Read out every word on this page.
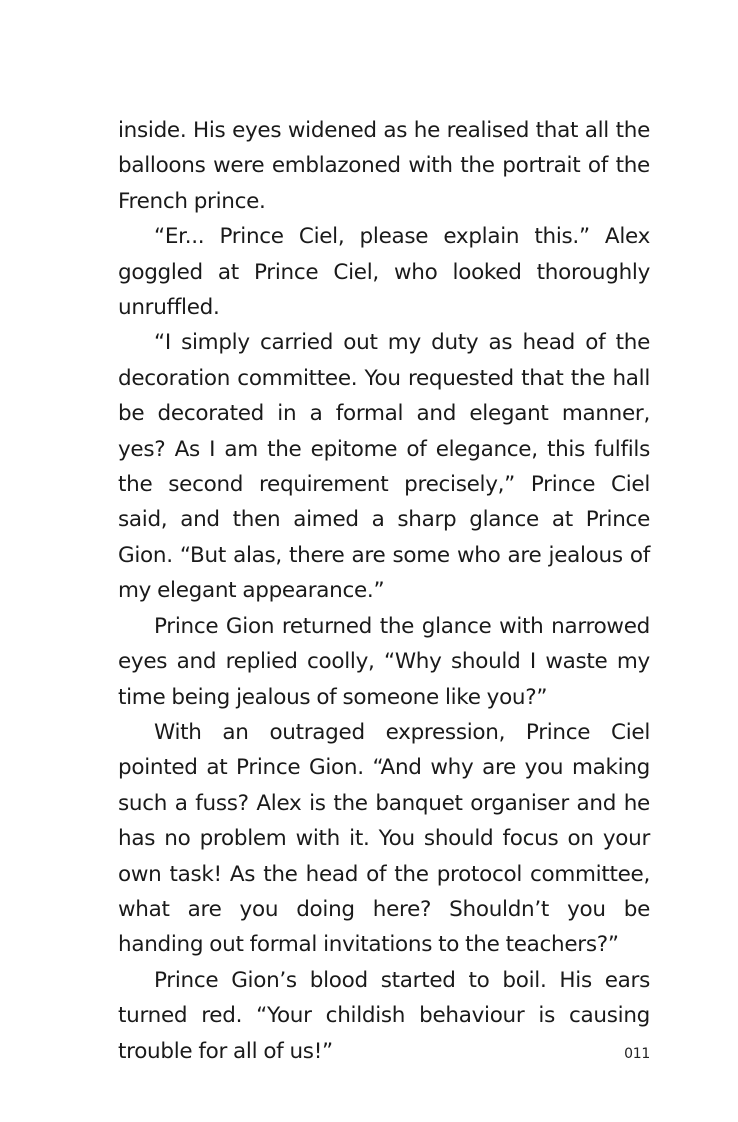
inside. His eyes widened as he realised that all the balloons were emblazoned with the portrait of the French prince.

“Er... Prince Ciel, please explain this.” Alex goggled at Prince Ciel, who looked thoroughly unruffled.

“I simply carried out my duty as head of the decoration committee. You requested that the hall be decorated in a formal and elegant manner, yes? As I am the epitome of elegance, this fulfils the second requirement precisely,” Prince Ciel said, and then aimed a sharp glance at Prince Gion. “But alas, there are some who are jealous of my elegant appearance.”

Prince Gion returned the glance with narrowed eyes and replied coolly, “Why should I waste my time being jealous of someone like you?”

With an outraged expression, Prince Ciel pointed at Prince Gion. “And why are you making such a fuss? Alex is the banquet organiser and he has no problem with it. You should focus on your own task! As the head of the protocol committee, what are you doing here? Shouldn’t you be handing out formal invitations to the teachers?”

Prince Gion’s blood started to boil. His ears turned red. “Your childish behaviour is causing trouble for all of us!”	011
